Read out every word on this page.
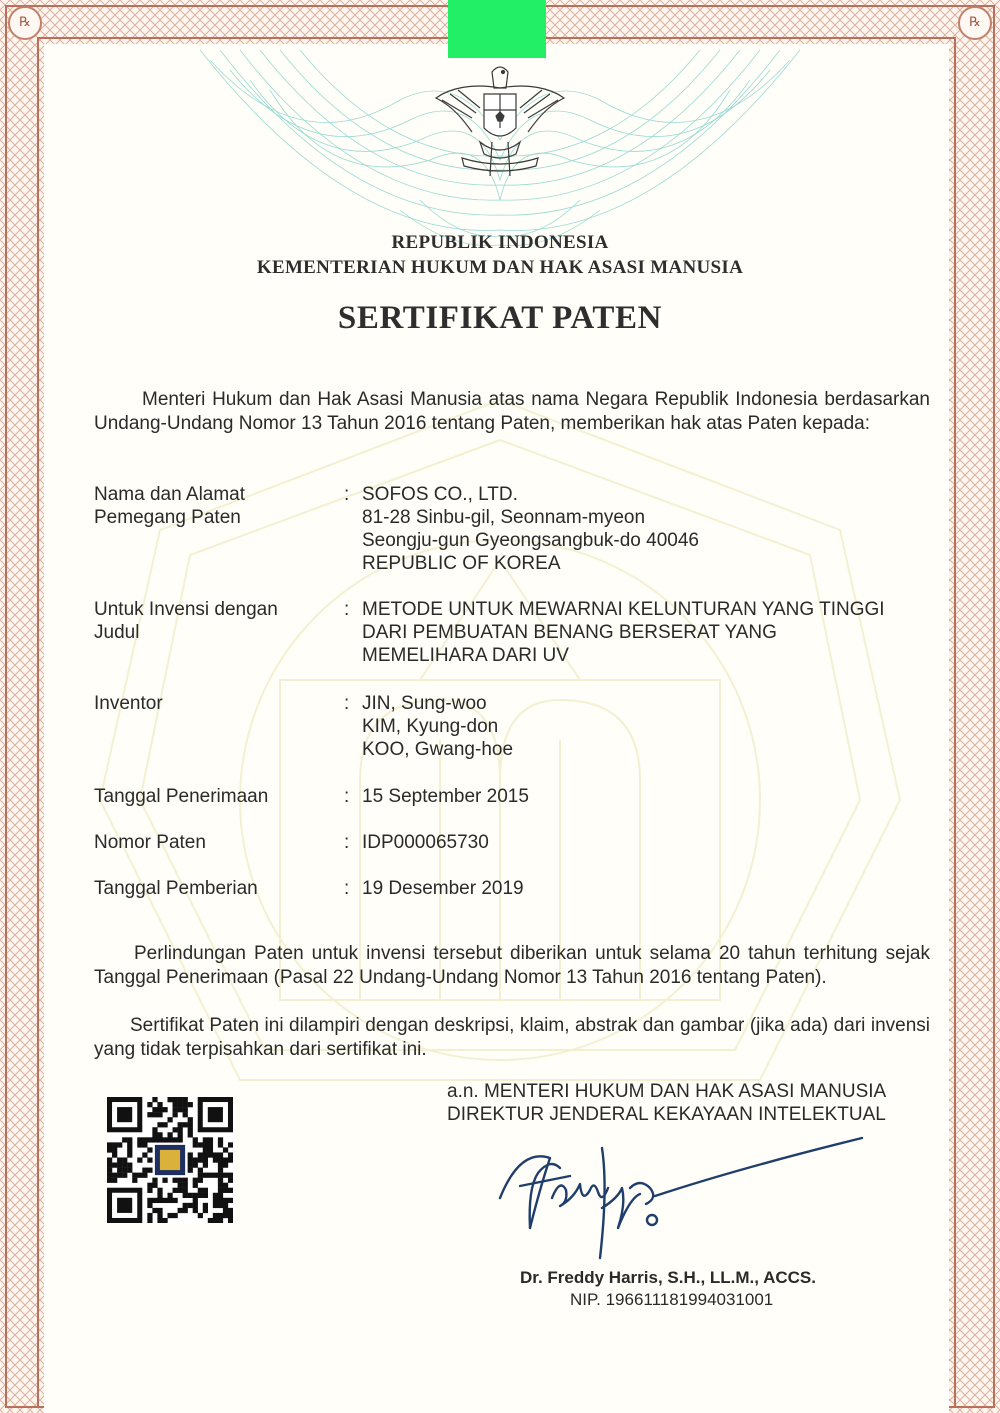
℞	℞
REPUBLIK INDONESIA
KEMENTERIAN HUKUM DAN HAK ASASI MANUSIA
SERTIFIKAT PATEN
Menteri Hukum dan Hak Asasi Manusia atas nama Negara Republik Indonesia berdasarkan Undang-Undang Nomor 13 Tahun 2016 tentang Paten, memberikan hak atas Paten kepada:
Nama dan Alamat
Pemegang Paten
: SOFOS CO., LTD.
81-28 Sinbu-gil, Seonnam-myeon
Seongju-gun Gyeongsangbuk-do 40046
REPUBLIC OF KOREA
Untuk Invensi dengan
Judul
: METODE UNTUK MEWARNAI KELUNTURAN YANG TINGGI
DARI PEMBUATAN BENANG BERSERAT YANG
MEMELIHARA DARI UV
Inventor	: JIN, Sung-woo
KIM, Kyung-don
KOO, Gwang-hoe
Tanggal Penerimaan	: 15 September 2015
Nomor Paten	: IDP000065730
Tanggal Pemberian	: 19 Desember 2019
Perlindungan Paten untuk invensi tersebut diberikan untuk selama 20 tahun terhitung sejak Tanggal Penerimaan (Pasal 22 Undang-Undang Nomor 13 Tahun 2016 tentang Paten).
Sertifikat Paten ini dilampiri dengan deskripsi, klaim, abstrak dan gambar (jika ada) dari invensi yang tidak terpisahkan dari sertifikat ini.
a.n. MENTERI HUKUM DAN HAK ASASI MANUSIA
DIREKTUR JENDERAL KEKAYAAN INTELEKTUAL
Dr. Freddy Harris, S.H., LL.M., ACCS.
NIP. 196611181994031001
